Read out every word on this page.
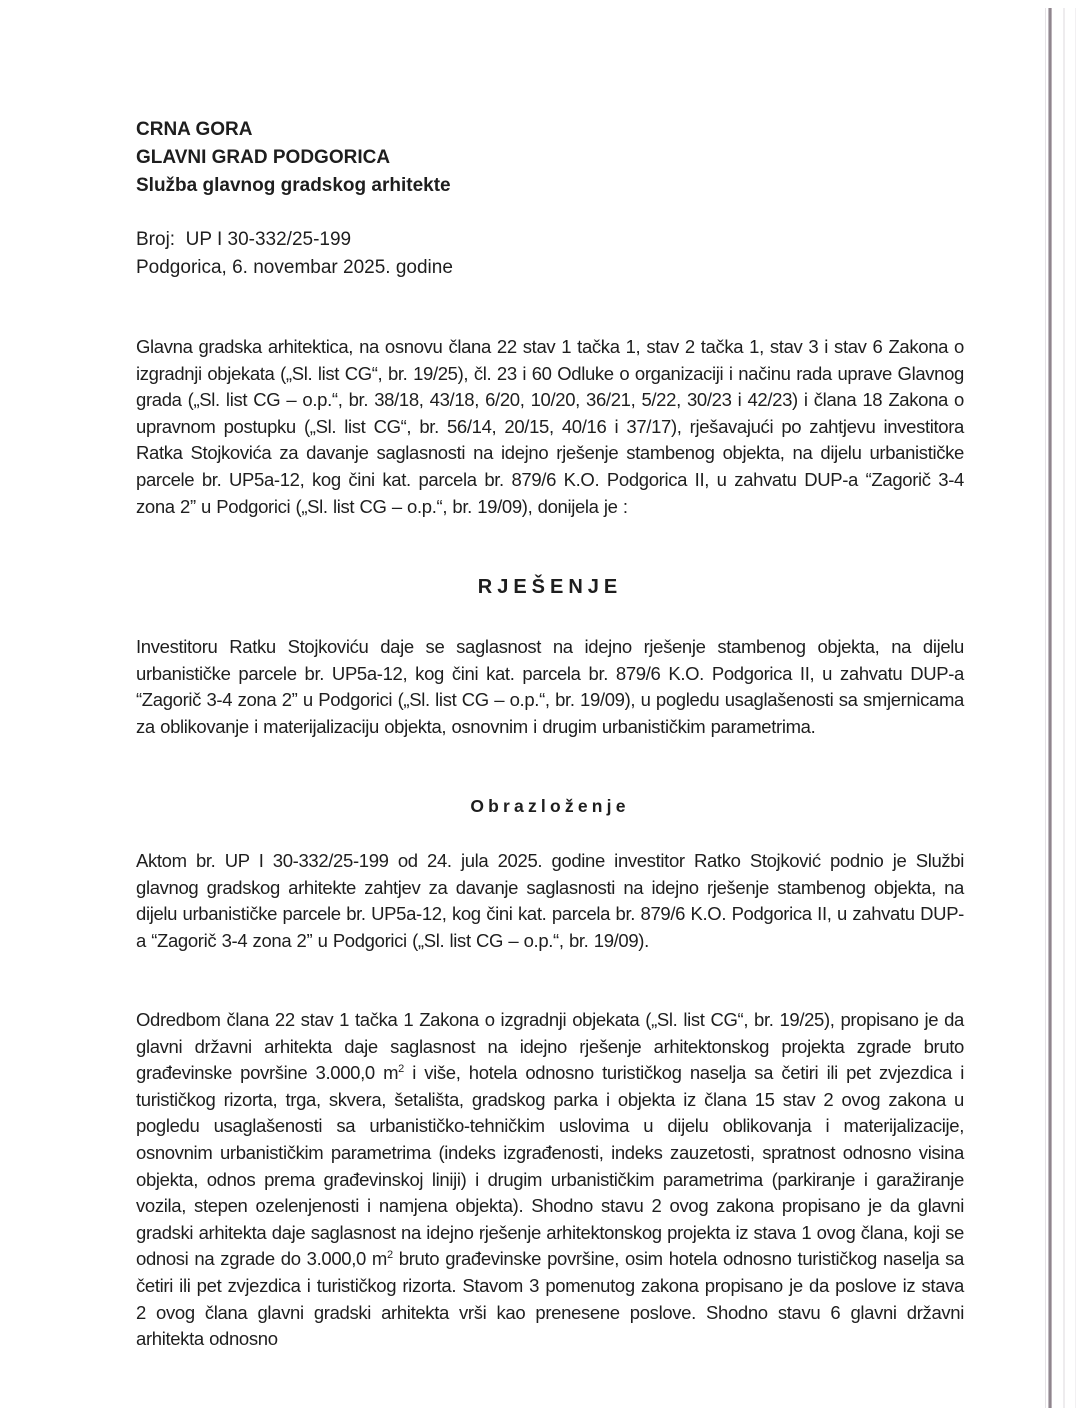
CRNA GORA
GLAVNI GRAD PODGORICA
Služba glavnog gradskog arhitekte
Broj:  UP I 30-332/25-199
Podgorica, 6. novembar 2025. godine
Glavna gradska arhitektica, na osnovu člana 22 stav 1 tačka 1, stav 2 tačka 1, stav 3 i stav 6 Zakona o izgradnji objekata („Sl. list CG“, br. 19/25), čl. 23 i 60 Odluke o organizaciji i načinu rada uprave Glavnog grada („Sl. list CG – o.p.“, br. 38/18, 43/18, 6/20, 10/20, 36/21, 5/22, 30/23 i 42/23) i člana 18 Zakona o upravnom postupku („Sl. list CG“, br. 56/14, 20/15, 40/16 i 37/17), rješavajući po zahtjevu investitora Ratka Stojkovića za davanje saglasnosti na idejno rješenje stambenog objekta, na dijelu urbanističke parcele br. UP5a-12, kog čini kat. parcela br. 879/6 K.O. Podgorica II, u zahvatu DUP-a “Zagorič 3-4 zona 2” u Podgorici („Sl. list CG – o.p.“, br. 19/09), donijela je :
RJEŠENJE
Investitoru Ratku Stojkoviću daje se saglasnost na idejno rješenje stambenog objekta, na dijelu urbanističke parcele br. UP5a-12, kog čini kat. parcela br. 879/6 K.O. Podgorica II, u zahvatu DUP-a “Zagorič 3-4 zona 2” u Podgorici („Sl. list CG – o.p.“, br. 19/09), u pogledu usaglašenosti sa smjernicama za oblikovanje i materijalizaciju objekta, osnovnim i drugim urbanističkim parametrima.
Obrazloženje
Aktom br. UP I 30-332/25-199 od 24. jula 2025. godine investitor Ratko Stojković podnio je Službi glavnog gradskog arhitekte zahtjev za davanje saglasnosti na idejno rješenje stambenog objekta, na dijelu urbanističke parcele br. UP5a-12, kog čini kat. parcela br. 879/6 K.O. Podgorica II, u zahvatu DUP-a “Zagorič 3-4 zona 2” u Podgorici („Sl. list CG – o.p.“, br. 19/09).
Odredbom člana 22 stav 1 tačka 1 Zakona o izgradnji objekata („Sl. list CG“, br. 19/25), propisano je da glavni državni arhitekta daje saglasnost na idejno rješenje arhitektonskog projekta zgrade bruto građevinske površine 3.000,0 $m^2$ i više, hotela odnosno turističkog naselja sa četiri ili pet zvjezdica i turističkog rizorta, trga, skvera, šetališta, gradskog parka i objekta iz člana 15 stav 2 ovog zakona u pogledu usaglašenosti sa urbanističko-tehničkim uslovima u dijelu oblikovanja i materijalizacije, osnovnim urbanističkim parametrima (indeks izgrađenosti, indeks zauzetosti, spratnost odnosno visina objekta, odnos prema građevinskoj liniji) i drugim urbanističkim parametrima (parkiranje i garažiranje vozila, stepen ozelenjenosti i namjena objekta). Shodno stavu 2 ovog zakona propisano je da glavni gradski arhitekta daje saglasnost na idejno rješenje arhitektonskog projekta iz stava 1 ovog člana, koji se odnosi na zgrade do 3.000,0 $m^2$ bruto građevinske površine, osim hotela odnosno turističkog naselja sa četiri ili pet zvjezdica i turističkog rizorta. Stavom 3 pomenutog zakona propisano je da poslove iz stava 2 ovog člana glavni gradski arhitekta vrši kao prenesene poslove. Shodno stavu 6 glavni državni arhitekta odnosno
